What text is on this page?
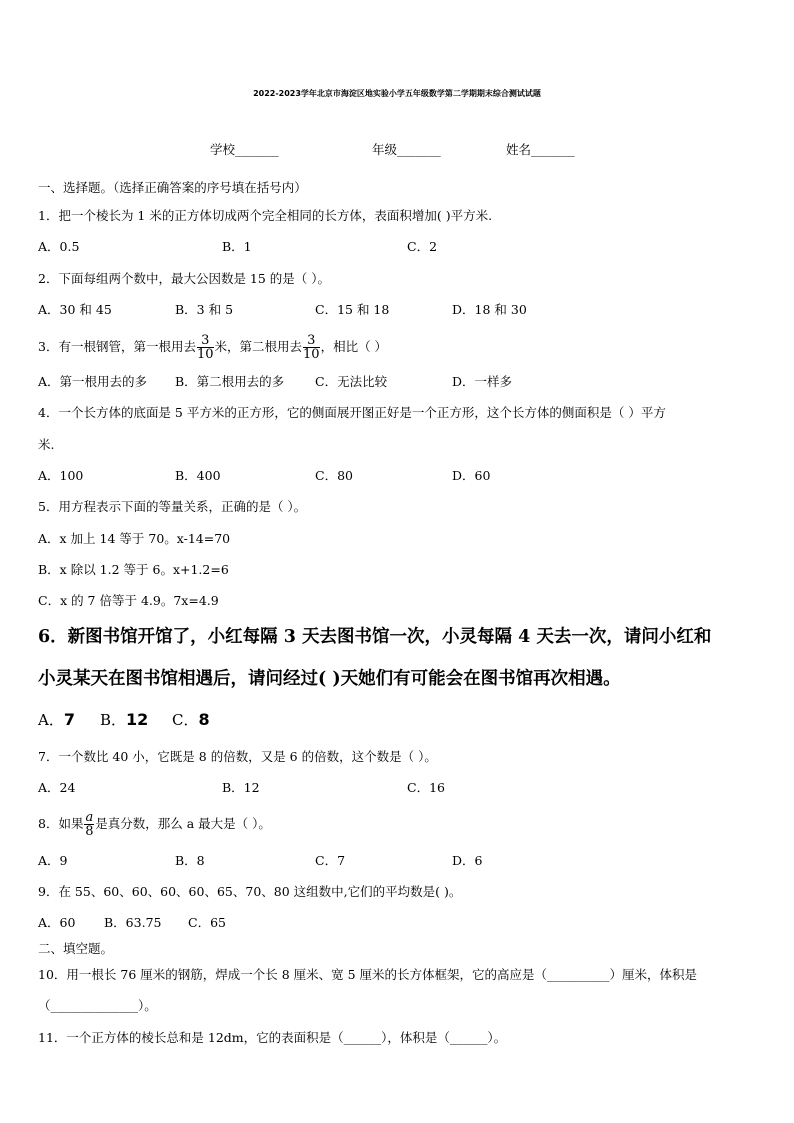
2022-2023学年北京市海淀区地实验小学五年级数学第二学期期末综合测试试题
学校_______	年级_______	姓名_______
一、选择题。（选择正确答案的序号填在括号内）
1．把一个棱长为 1 米的正方体切成两个完全相同的长方体，表面积增加( )平方米.
A．0.5	B．1	C．2
2．下面每组两个数中，最大公因数是 15 的是（ ）。
A．30 和 45	B．3 和 5	C．15 和 18	D．18 和 30
3．有一根钢管，第一根用去 $\frac{3}{10}$ 米，第二根用去 $\frac{3}{10}$ ，相比（ ）
A．第一根用去的多 B．第二根用去的多 C．无法比较	D．一样多
4．一个长方体的底面是 5 平方米的正方形，它的侧面展开图正好是一个正方形，这个长方体的侧面积是（ ）平方
米.
A．100	B．400	C．80	D．60
5．用方程表示下面的等量关系，正确的是（ ）。
A．x 加上 14 等于 70。x-14=70
B．x 除以 1.2 等于 6。x+1.2=6
C．x 的 7 倍等于 4.9。7x=4.9
6．新图书馆开馆了，小红每隔 3 天去图书馆一次，小灵每隔 4 天去一次，请问小红和
小灵某天在图书馆相遇后，请问经过( )天她们有可能会在图书馆再次相遇。
A．7 B．12 C．8
7．一个数比 40 小，它既是 8 的倍数，又是 6 的倍数，这个数是（ ）。
A．24	B．12	C．16
8．如果 $\frac{a}{8}$ 是真分数，那么 a 最大是（ ）。
A．9	B．8	C．7	D．6
9．在 55、60、60、60、60、65、70、80 这组数中,它们的平均数是( )。
A．60 B．63.75 C．65
二、填空题。
10．用一根长 76 厘米的钢筋，焊成一个长 8 厘米、宽 5 厘米的长方体框架，它的高应是（__________）厘米，体积是
（______________）。
11．一个正方体的棱长总和是 12dm，它的表面积是（______），体积是（______）。
